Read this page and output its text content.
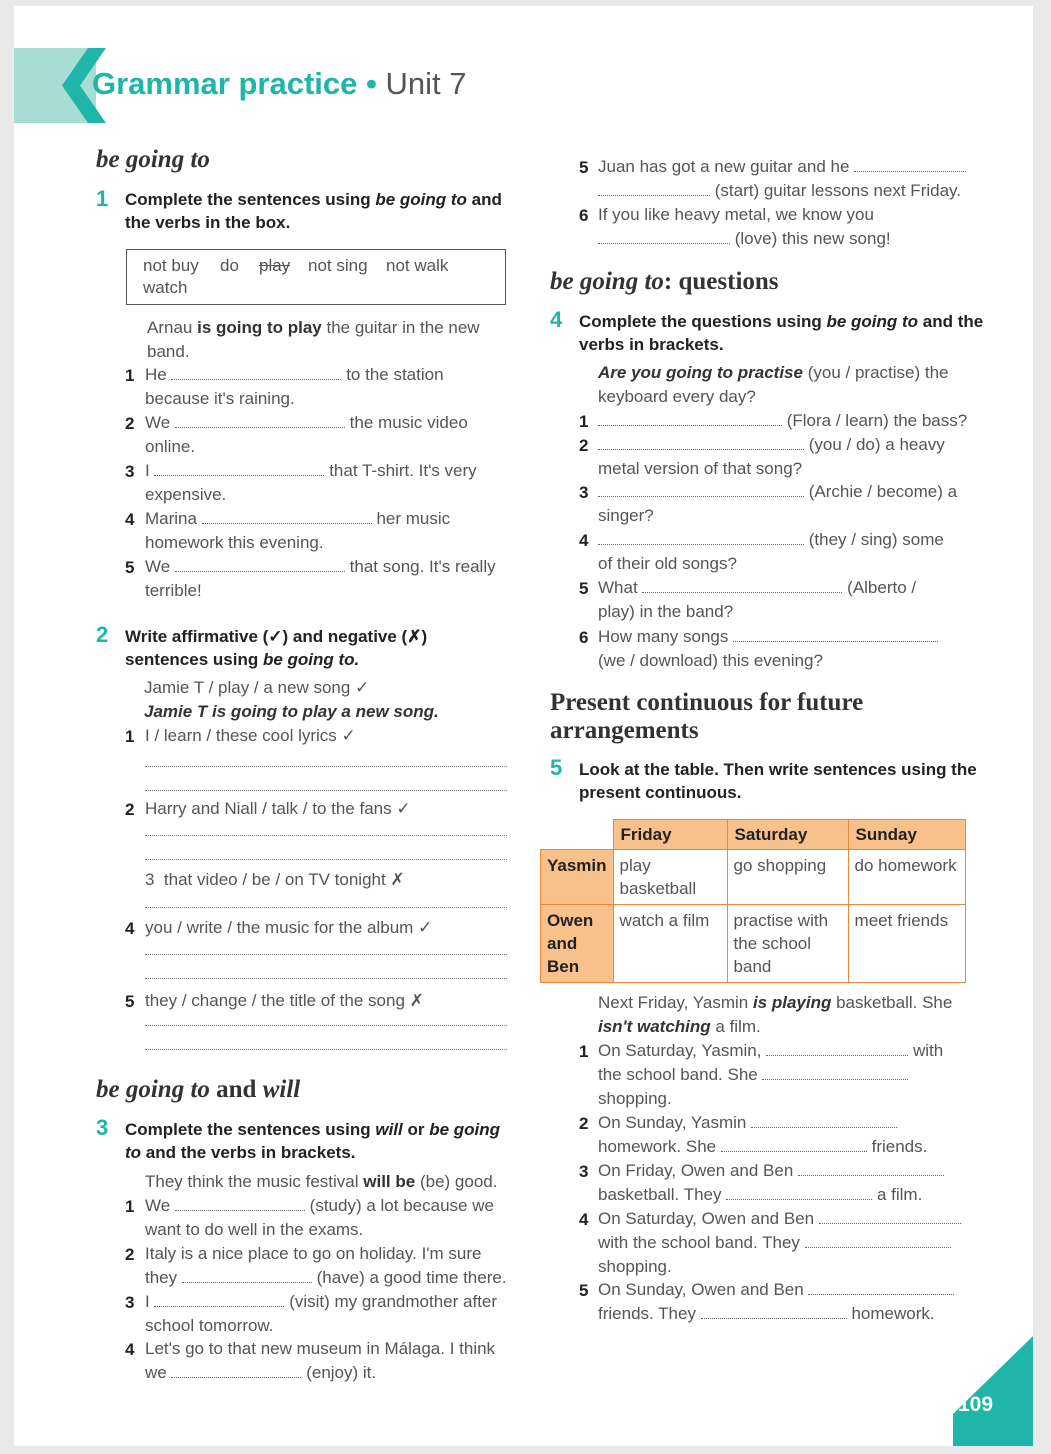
Grammar practice • Unit 7
be going to
1 Complete the sentences using be going to and the verbs in the box.
not buy do play not sing not walk
watch
Arnau is going to play the guitar in the new
band.
1 He	to the station
because it's raining.
2 We	the music video
online.
3 I	that T-shirt. It's very
expensive.
4 Marina	her music
homework this evening.
5 We	that song. It's really
terrible!
2 Write affirmative (✓) and negative (✗)
sentences using be going to.
Jamie T / play / a new song ✓
Jamie T is going to play a new song.
1 I / learn / these cool lyrics ✓
2 Harry and Niall / talk / to the fans ✓
3 that video / be / on TV tonight ✗
4 you / write / the music for the album ✓
5 they / change / the title of the song ✗
be going to and will
3 Complete the sentences using will or be going
to and the verbs in brackets.
They think the music festival will be (be) good.
1 We	(study) a lot because we
want to do well in the exams.
2 Italy is a nice place to go on holiday. I'm sure
they	(have) a good time there.
3 I	(visit) my grandmother after
school tomorrow.
4 Let's go to that new museum in Málaga. I think
we	(enjoy) it.
5 Juan has got a new guitar and he
(start) guitar lessons next Friday.
6 If you like heavy metal, we know you
(love) this new song!
be going to: questions
4 Complete the questions using be going to and the verbs in brackets.
Are you going to practise (you / practise) the
keyboard every day?
1	(Flora / learn) the bass?
2	(you / do) a heavy
metal version of that song?
3	(Archie / become) a
singer?
4	(they / sing) some
of their old songs?
5 What	(Alberto /
play) in the band?
6 How many songs
(we / download) this evening?
Present continuous for future
arrangements
5 Look at the table. Then write sentences using the present continuous.
	Friday	Saturday	Sunday
Yasmin	play basketball	go shopping	do homework
Owen and Ben	watch a film	practise with the school band	meet friends
Next Friday, Yasmin is playing basketball. She
isn't watching a film.
1 On Saturday, Yasmin,	with
the school band. She
shopping.
2 On Sunday, Yasmin
homework. She	friends.
3 On Friday, Owen and Ben
basketball. They	a film.
4 On Saturday, Owen and Ben
with the school band. They
shopping.
5 On Sunday, Owen and Ben
friends. They	homework.
109
